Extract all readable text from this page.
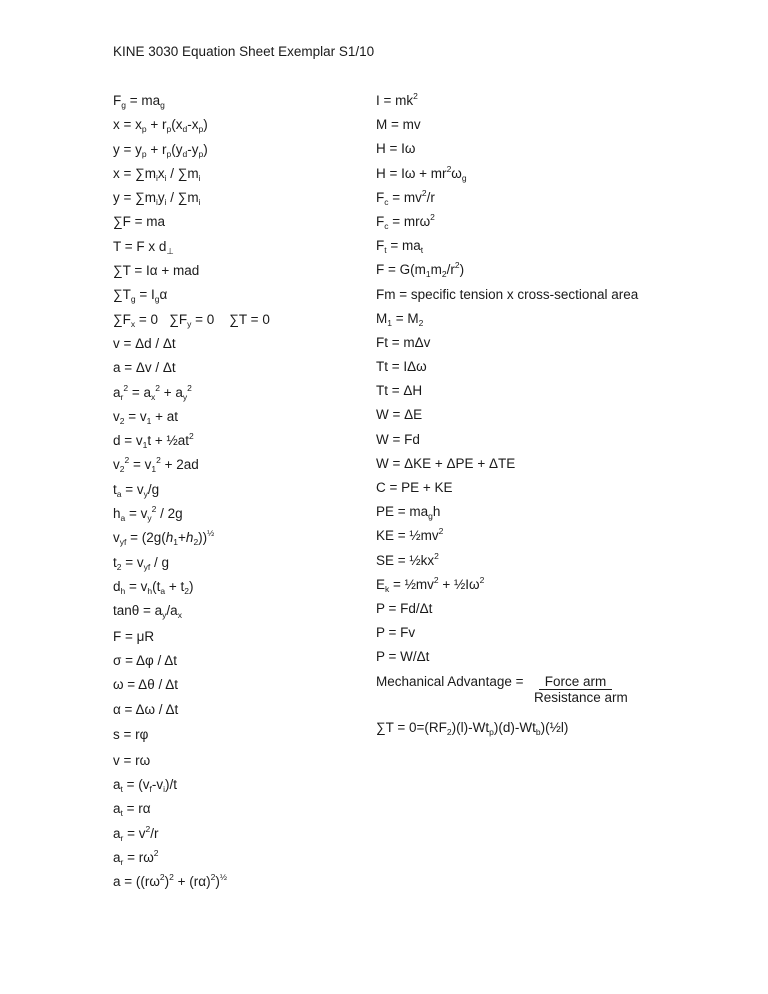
KINE 3030 Equation Sheet Exemplar S1/10
$F_g = ma_g$
$x = x_p + r_p(x_d-x_p)$
$y = y_p + r_p(y_d-y_p)$
$x = \sum m_ix_i / \sum m_i$
$y = \sum m_iy_i / \sum m_i$
∑F = ma
T = F x $d_\perp$
∑T = Iα + mad
$\sum T_g = I_g\alpha$
$\sum F_x = 0$   $\sum F_y = 0$    ∑T = 0
v = Δd / Δt
a = Δv / Δt
$a_r^2 = a_x^2 + a_y^2$
$v_2 = v_1$ + at
$d = v_1t$ + $\frac{1}{2}at^2$
$v_2^2 = v_1^2 + 2ad$
$t_a = v_y/g$
$h_a = v_y^2 / 2g$
$v_{yf} = (2g(h_1+h_2))^{\frac{1}{2}}$
$t_2 = v_{yf} / g$
$d_h = v_h(t_a + t_2)$
$\tan\theta = a_y/a_x$
F = μR
σ = Δφ / Δt
ω = Δθ / Δt
α = Δω / Δt
s = rφ
v = rω
$a_t = (v_f-v_i)/t$
$a_t = r\alpha$
$a_r = v^2/r$
$a_r = r\omega^2$
$a = ((r\omega^2)^2 + (r\alpha)^2)^{\frac{1}{2}}$
$I = mk^2$
M = mv
H = Iω
$H = I\omega + mr^2\omega_g$
$F_c = mv^2/r$
$F_c = mr\omega^2$
$F_t = ma_t$
$F = G(m_1m_2/r^2)$
Fm = specific tension x cross-sectional area
$M_1 = M_2$
Ft = mΔv
Tt = IΔω
Tt = ΔH
W = ΔE
W = Fd
W = ΔKE + ΔPE + ΔTE
C = PE + KE
PE = $ma_gh$
KE = $\frac{1}{2}mv^2$
SE = $\frac{1}{2}kx^2$
$E_k$ = $\frac{1}{2}mv^2$ + $\frac{1}{2}I\omega^2$
P = Fd/Δt
P = Fv
P = W/Δt
Mechanical Advantage =	Force arm
Resistance arm
$\sum T = 0=(RF_2)(l)-Wt_p)(d)-Wt_b)(\frac{1}{2}l)$
